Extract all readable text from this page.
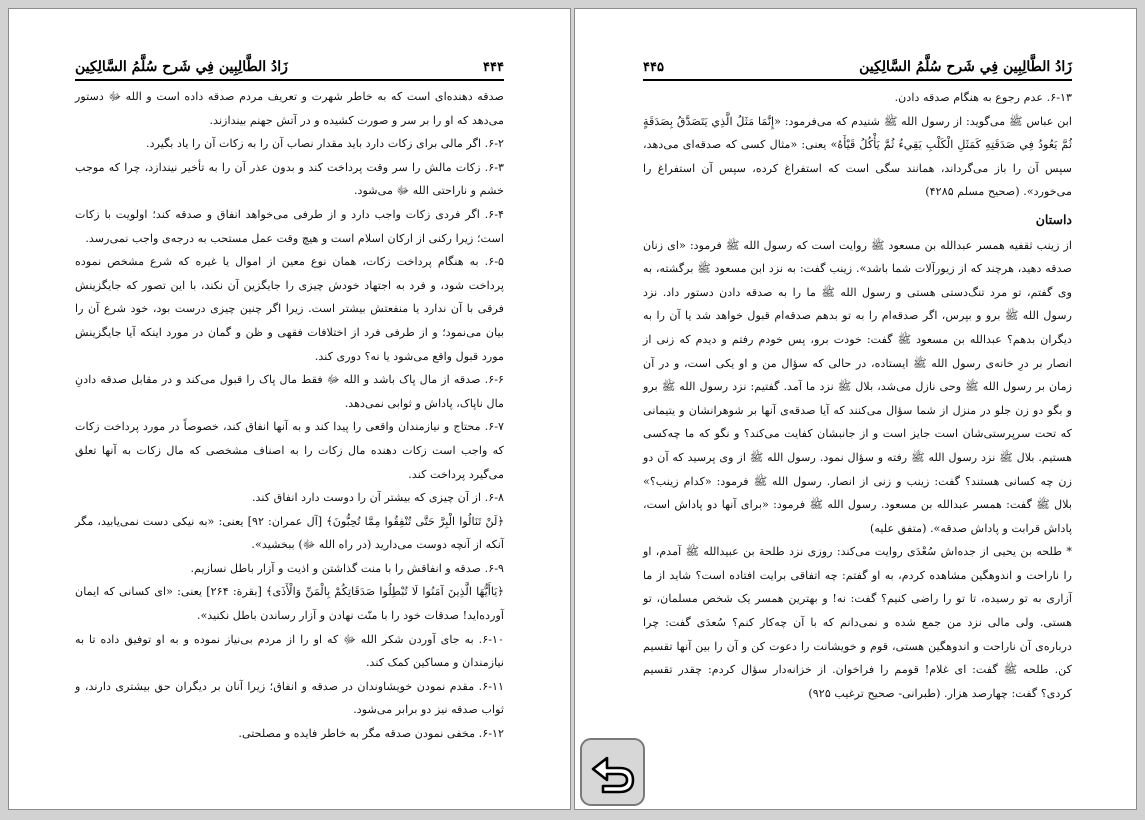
زَادُ الطَّالِبِين فِي شَرح سُلَّمُ السَّالِكِين	۴۴۴

صدقه دهنده‌ای است که به خاطر شهرت و تعریف مردم صدقه داده است و الله ﷻ دستور می‌دهد که او را بر سر و صورت کشیده و در آتش جهنم بیندازند.

۶-۲. اگر مالی برای زکات دارد باید مقدار نصاب آن را به زکات آن را یاد بگیرد.

۶-۳. زکات مالش را سر وقت پرداخت کند و بدون عذر آن را به تأخیر نیندازد، چرا که موجب خشم و ناراحتی الله ﷻ می‌شود.

۶-۴. اگر فردی زکات واجب دارد و از طرفی می‌خواهد انفاق و صدقه کند؛ اولویت با زکات است؛ زیرا رکنی از ارکان اسلام است و هیچ وقت عمل مستحب به درجه‌ی واجب نمی‌رسد.

۶-۵. به هنگام پرداخت زکات، همان نوع معین از اموال یا غیره که شرع مشخص نموده پرداخت شود، و فرد به اجتهاد خودش چیزی را جایگزین آن نکند، با این تصور که جایگزینش فرقی با آن ندارد یا منفعتش بیشتر است. زیرا اگر چنین چیزی درست بود، خود شرع آن را بیان می‌نمود؛ و از طرفی فرد از اختلافات فقهی و ظن و گمان در مورد اینکه آیا جایگزینش مورد قبول واقع می‌شود یا نه؟ دوری کند.

۶-۶. صدقه از مال پاک باشد و الله ﷻ فقط مال پاک را قبول می‌کند و در مقابل صدقه دادنِ مال ناپاک، پاداش و ثوابی نمی‌دهد.

۶-۷. محتاج و نیازمندان واقعی را پیدا کند و به آنها انفاق کند، خصوصاً در مورد پرداخت زکات که واجب است زکات دهنده مال زکات را به اصناف مشخصی که مال زکات به آنها تعلق می‌گیرد پرداخت کند.

۶-۸. از آن چیزی که بیشتر آن را دوست دارد انفاق کند.

﴿لَنْ تَنَالُوا الْبِرَّ حَتَّى تُنْفِقُوا مِمَّا تُحِبُّونَ﴾ [آل عمران: ۹۲] یعنی: «به نیکی دست نمی‌یابید، مگر آنکه از آنچه دوست می‌دارید (در راه الله ﷻ) ببخشید».

۶-۹. صدقه و انفاقش را با منت گذاشتن و اذیت و آزار باطل نسازیم.

﴿يَاأَيُّهَا الَّذِينَ آمَنُوا لَا تُبْطِلُوا صَدَقَاتِكُمْ بِالْمَنِّ وَالْأَذَى﴾ [بقرة: ۲۶۴] یعنی: «ای کسانی که ایمان آورده‌اید! صدقات خود را با منّت نهادن و آزار رساندن باطل نکنید».

۶-۱۰. به جای آوردن شکر الله ﷻ که او را از مردم بی‌نیاز نموده و به او توفیق داده تا به نیازمندان و مساکین کمک کند.

۶-۱۱. مقدم نمودن خویشاوندان در صدقه و انفاق؛ زیرا آنان بر دیگران حق بیشتری دارند، و ثواب صدقه نیز دو برابر می‌شود.

۶-۱۲. مخفی نمودن صدقه مگر به خاطر فایده و مصلحتی.

زَادُ الطَّالِبِين فِي شَرح سُلَّمُ السَّالِكِين
۴۴۵

۶-۱۳. عدم رجوع به هنگام صدقه دادن.

ابن عباس ﷺ می‌گوید: از رسول الله ﷺ شنیدم که می‌فرمود: «إِنَّمَا مَثَلُ الَّذِي يَتَصَدَّقُ بِصَدَقَةٍ ثُمَّ يَعُودُ فِي صَدَقَتِهِ كَمَثَلِ الْكَلْبِ يَقِيءُ ثُمَّ يَأْكُلُ قَيْأَهُ» یعنی: «مثال کسی که صدقه‌ای می‌دهد، سپس آن را باز می‌گرداند، همانند سگی است که استفراغ کرده، سپس آن استفراغ را می‌خورد». (صحیح مسلم ۴۲۸۵)

داستان

از زینب ثقفیه همسر عبدالله بن مسعود ﷺ روایت است که رسول الله ﷺ فرمود: «ای زنان صدقه دهید، هرچند که از زیورآلات شما باشد». زینب گفت: به نزد ابن مسعود ﷺ برگشته، به وی گفتم، تو مرد تنگ‌دستی هستی و رسول الله ﷺ ما را به صدقه دادن دستور داد. نزد رسول الله ﷺ برو و بپرس، اگر صدقه‌ام را به تو بدهم صدقه‌ام قبول خواهد شد یا آن را به دیگران بدهم؟ عبدالله بن مسعود ﷺ گفت: خودت برو، پس خودم رفتم و دیدم که زنی از انصار بر درِ خانه‌ی رسول الله ﷺ ایستاده، در حالی که سؤال من و او یکی است، و در آن زمان بر رسول الله ﷺ وحی نازل می‌شد، بلال ﷺ نزد ما آمد. گفتیم: نزد رسول الله ﷺ برو و بگو دو زن جلو در منزل از شما سؤال می‌کنند که آیا صدقه‌ی آنها بر شوهرانشان و یتیمانی که تحت سرپرستی‌شان است جایز است و از جانبشان کفایت می‌کند؟ و نگو که ما چه‌کسی هستیم. بلال ﷺ نزد رسول الله ﷺ رفته و سؤال نمود. رسول الله ﷺ از وی پرسید که آن دو زن چه کسانی هستند؟ گفت: زینب و زنی از انصار. رسول الله ﷺ فرمود: «کدام زینب؟» بلال ﷺ گفت: همسر عبدالله بن مسعود. رسول الله ﷺ فرمود: «برای آنها دو پاداش است، پاداش قرابت و پاداش صدقه». (متفق علیه)

* طلحه بن یحیی از جده‌اش سُعْدَی روایت می‌کند: روزی نزد طلحة بن عبیدالله ﷺ آمدم، او را ناراحت و اندوهگین مشاهده کردم، به او گفتم: چه اتفاقی برایت افتاده است؟ شاید از ما آزاری به تو رسیده، تا تو را راضی کنیم؟ گفت: نه! و بهترین همسر یک شخص مسلمان، تو هستی. ولی مالی نزد من جمع شده و نمی‌دانم که با آن چه‌کار کنم؟ سُعدَی گفت: چرا درباره‌ی آن ناراحت و اندوهگین هستی، قوم و خویشانت را دعوت کن و آن را بین آنها تقسیم کن. طلحه ﷺ گفت: ای غلام! قومم را فراخوان. از خزانه‌دار سؤال کردم: چقدر تقسیم کردی؟ گفت: چهارصد هزار. (طبرانی- صحیح ترغیب ۹۲۵)
